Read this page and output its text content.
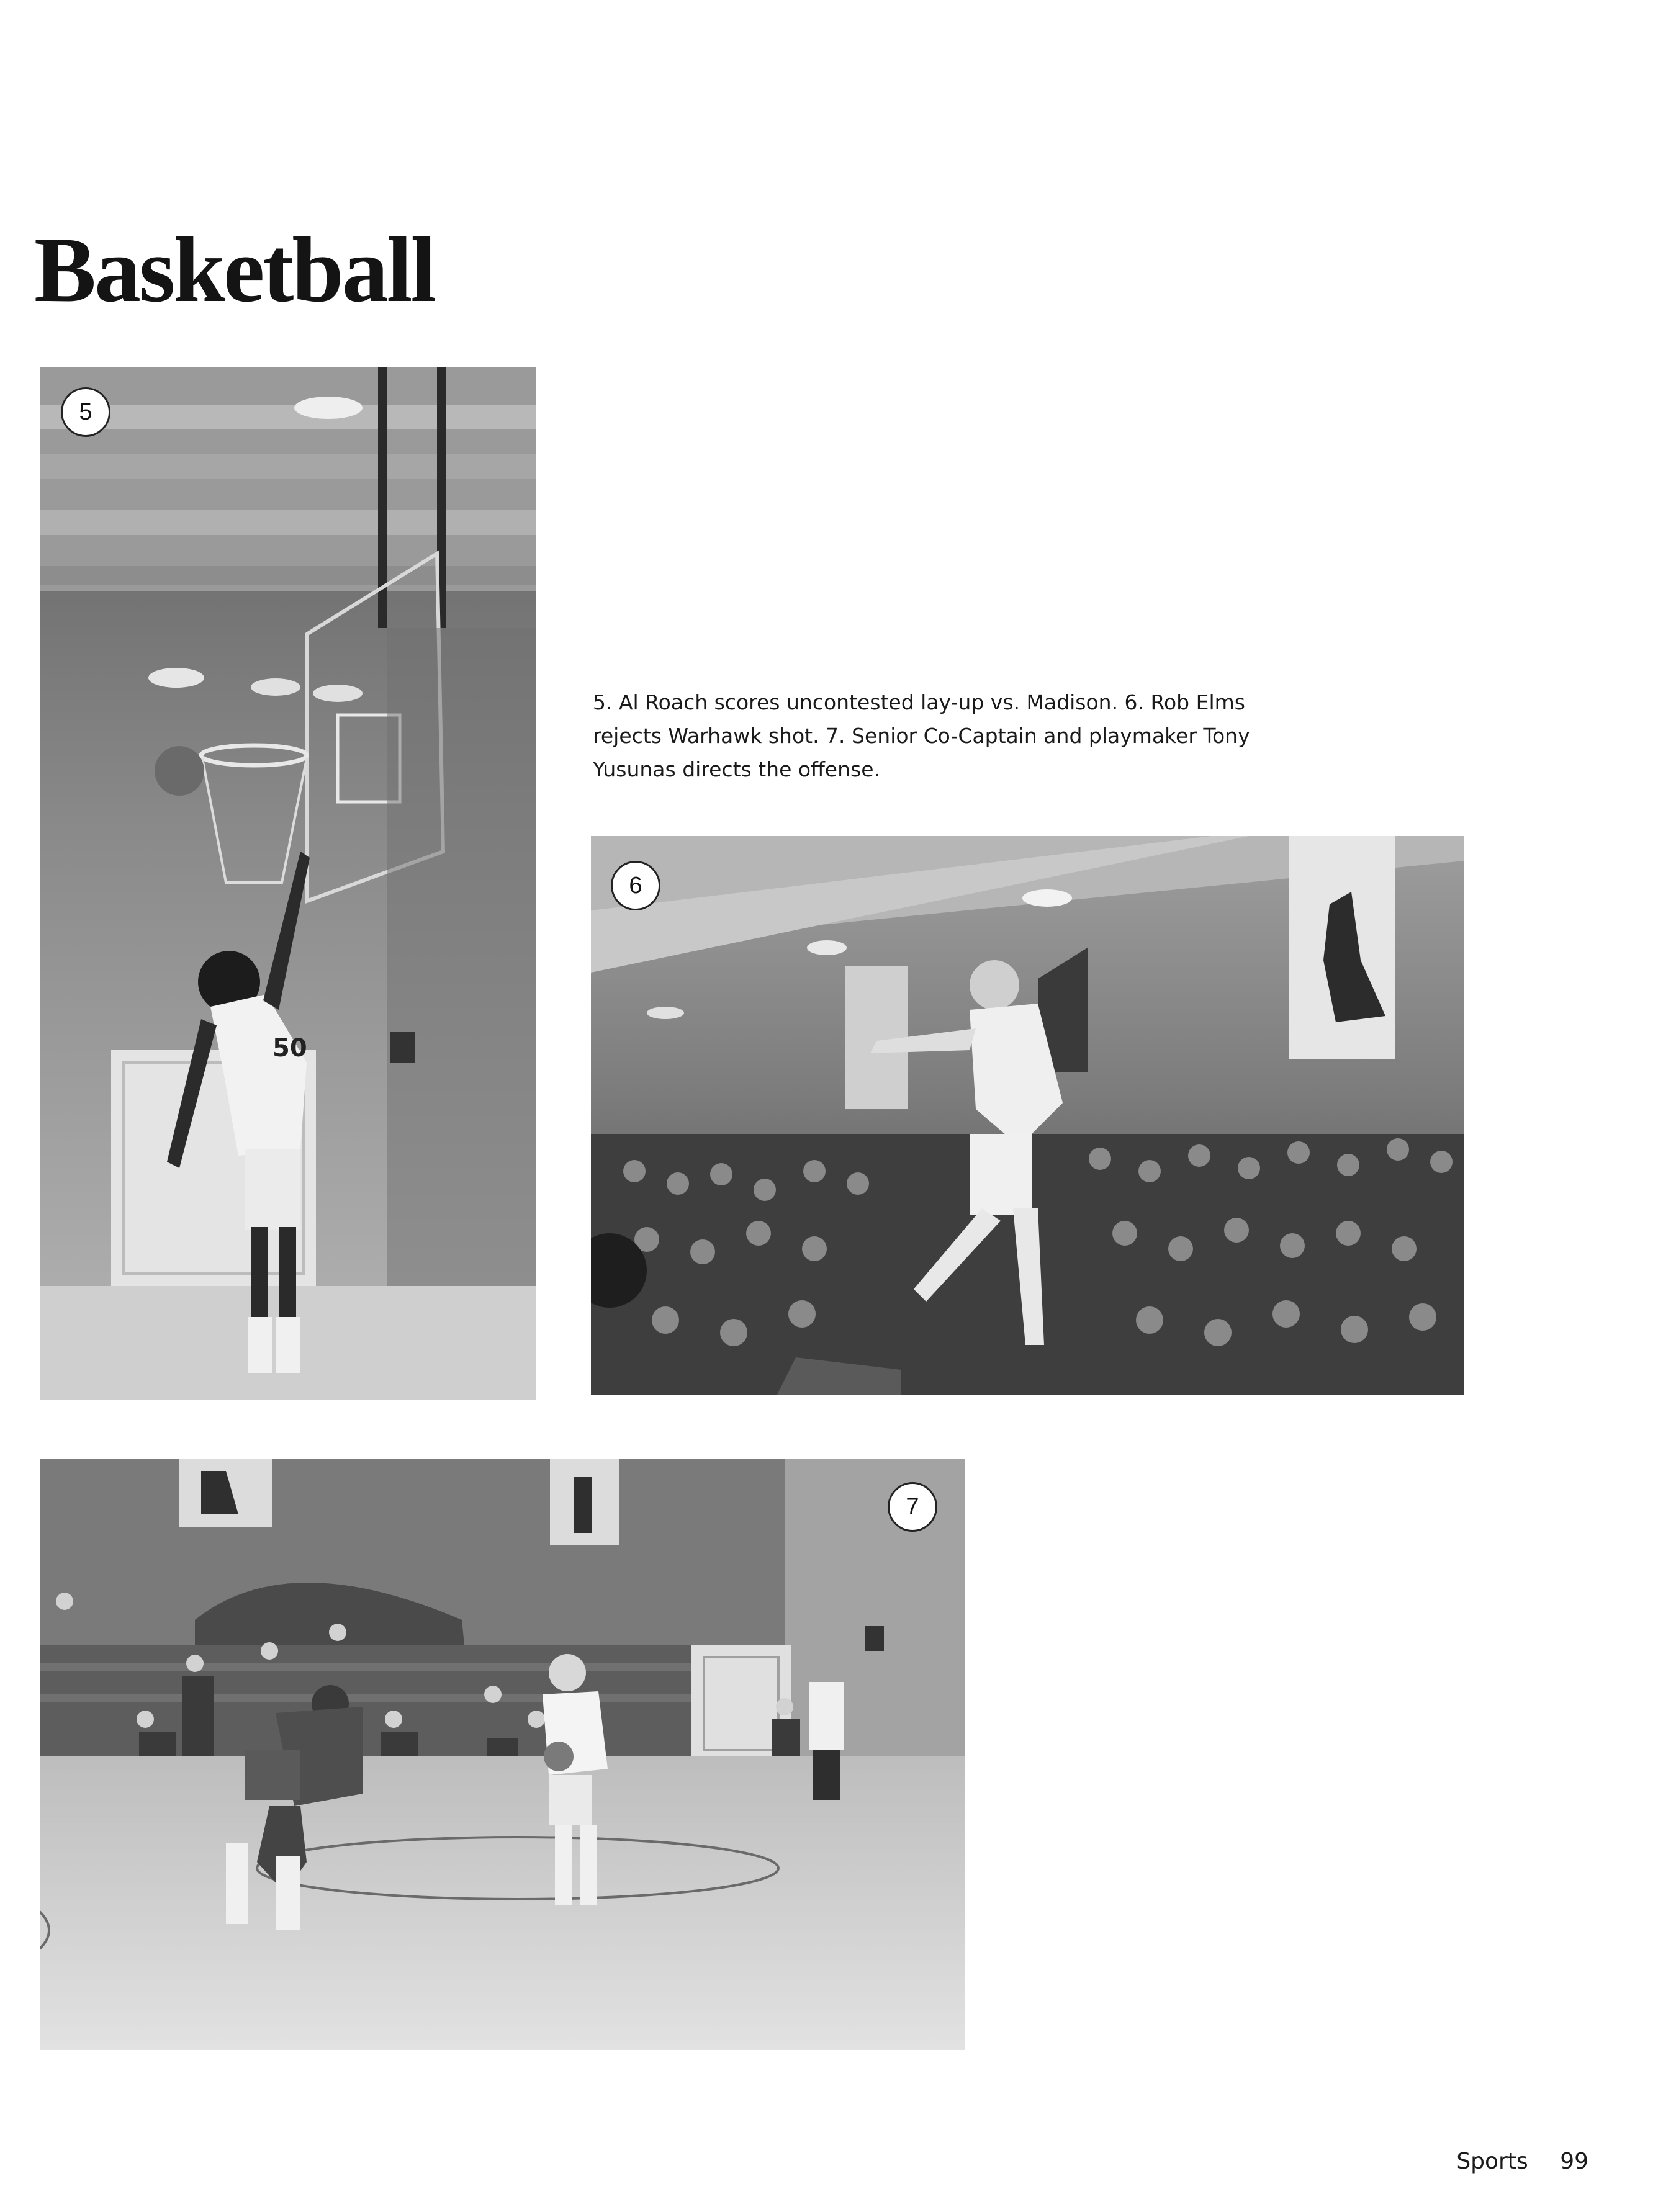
Basketball
50
5

5. Al Roach scores uncontested lay-up vs. Madison. 6. Rob Elms rejects Warhawk shot. 7. Senior Co-Captain and playmaker Tony Yusunas directs the offense.

6
7
Sports 99
